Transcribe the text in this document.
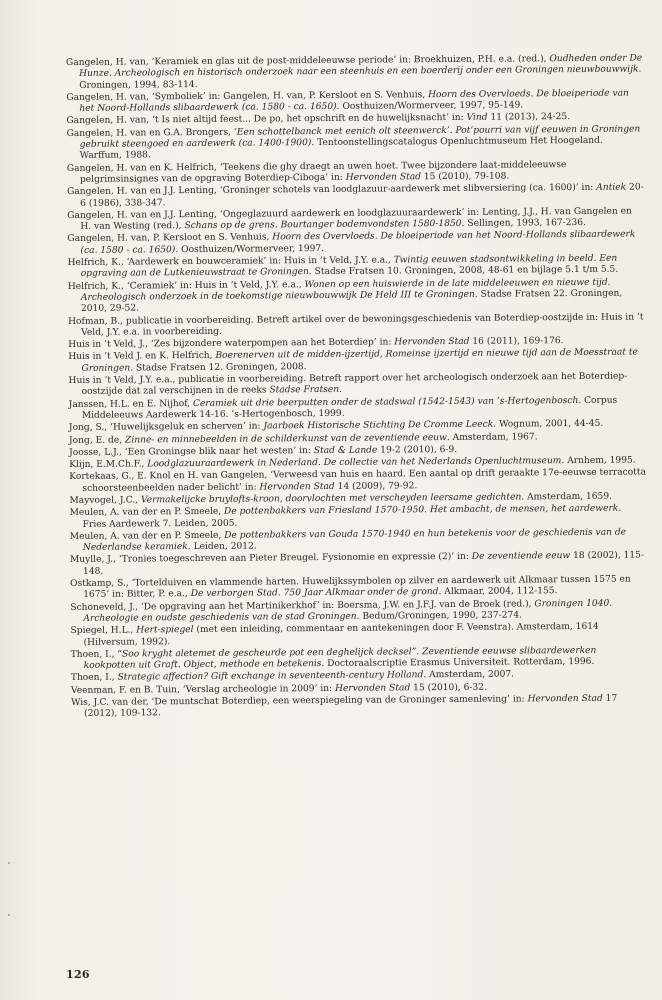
Gangelen, H. van, ‘Keramiek en glas uit de post-middeleeuwse periode’ in: Broekhuizen, P.H. e.a. (red.), Oudheden onder De Hunze. Archeologisch en historisch onderzoek naar een steenhuis en een boerderij onder een Groningen nieuwbouwwijk. Groningen, 1994, 83-114.

Gangelen, H. van, ‘Symboliek’ in: Gangelen, H. van, P. Kersloot en S. Venhuis, Hoorn des Overvloeds. De bloeiperiode van het Noord-Hollands slibaardewerk (ca. 1580 - ca. 1650). Oosthuizen/Wormerveer, 1997, 95-149.

Gangelen, H. van, ‘t Is niet altijd feest... De po, het opschrift en de huwelijksnacht’ in: Vind 11 (2013), 24-25.

Gangelen, H. van en G.A. Brongers, ‘Een schottelbanck met eenich olt steenwerck’. Pot’pourri van vijf eeuwen in Groningen gebruikt steengoed en aardewerk (ca. 1400-1900). Tentoonstellingscatalogus Openluchtmuseum Het Hoogeland. Warffum, 1988.

Gangelen, H. van en K. Helfrich, ‘Teekens die ghy draegt an uwen hoet. Twee bijzondere laat-middeleeuwse pelgrimsinsignes van de opgraving Boterdiep-Ciboga’ in: Hervonden Stad 15 (2010), 79-108.

Gangelen, H. van en J.J. Lenting, ‘Groninger schotels van loodglazuur-aardewerk met slibversiering (ca. 1600)’ in: Antiek 20-6 (1986), 338-347.

Gangelen, H. van en J.J. Lenting, ‘Ongeglazuurd aardewerk en loodglazuuraardewerk’ in: Lenting, J.J., H. van Gangelen en H. van Westing (red.), Schans op de grens. Bourtanger bodemvondsten 1580-1850. Sellingen, 1993, 167-236.

Gangelen, H. van, P. Kersloot en S. Venhuis, Hoorn des Overvloeds. De bloeiperiode van het Noord-Hollands slibaardewerk (ca. 1580 - ca. 1650). Oosthuizen/Wormerveer, 1997.

Helfrich, K., ‘Aardewerk en bouwceramiek’ in: Huis in ’t Veld, J.Y. e.a., Twintig eeuwen stadsontwikkeling in beeld. Een opgraving aan de Lutkenieuwstraat te Groningen. Stadse Fratsen 10. Groningen, 2008, 48-61 en bijlage 5.1 t/m 5.5.

Helfrich, K., ‘Ceramiek’ in: Huis in ’t Veld, J.Y. e.a., Wonen op een huiswierde in de late middeleeuwen en nieuwe tijd. Archeologisch onderzoek in de toekomstige nieuwbouwwijk De Held III te Groningen. Stadse Fratsen 22. Groningen, 2010, 29-52.

Hofman, B., publicatie in voorbereiding. Betreft artikel over de bewoningsgeschiedenis van Boterdiep-oostzijde in: Huis in ’t Veld, J.Y. e.a. in voorbereiding.

Huis in ’t Veld, J., ‘Zes bijzondere waterpompen aan het Boterdiep’ in: Hervonden Stad 16 (2011), 169-176.

Huis in ’t Veld J. en K. Helfrich, Boerenerven uit de midden-ijzertijd, Romeinse ijzertijd en nieuwe tijd aan de Moesstraat te Groningen. Stadse Fratsen 12. Groningen, 2008.

Huis in ’t Veld, J.Y. e.a., publicatie in voorbereiding. Betreft rapport over het archeologisch onderzoek aan het Boterdiep-oostzijde dat zal verschijnen in de reeks Stadse Fratsen.

Janssen, H.L. en E. Nijhof, Ceramiek uit drie beerputten onder de stadswal (1542-1543) van ’s-Hertogenbosch. Corpus Middeleeuws Aardewerk 14-16. ’s-Hertogenbosch, 1999.

Jong, S., ‘Huwelijksgeluk en scherven’ in: Jaarboek Historische Stichting De Cromme Leeck. Wognum, 2001, 44-45.

Jong, E. de, Zinne- en minnebeelden in de schilderkunst van de zeventiende eeuw. Amsterdam, 1967.

Joosse, L.J., ‘Een Groningse blik naar het westen’ in: Stad & Lande 19-2 (2010), 6-9.

Klijn, E.M.Ch.F., Loodglazuuraardewerk in Nederland. De collectie van het Nederlands Openluchtmuseum. Arnhem, 1995.

Kortekaas, G., E. Knol en H. van Gangelen, ‘Verweesd van huis en haard. Een aantal op drift geraakte 17e-eeuwse terracotta schoorsteenbeelden nader belicht’ in: Hervonden Stad 14 (2009), 79-92.

Mayvogel, J.C., Vermakelijcke bruylofts-kroon, doorvlochten met verscheyden leersame gedichten. Amsterdam, 1659.

Meulen, A. van der en P. Smeele, De pottenbakkers van Friesland 1570-1950. Het ambacht, de mensen, het aardewerk. Fries Aardewerk 7. Leiden, 2005.

Meulen, A. van der en P. Smeele, De pottenbakkers van Gouda 1570-1940 en hun betekenis voor de geschiedenis van de Nederlandse keramiek. Leiden, 2012.

Muylle, J., ‘Tronies toegeschreven aan Pieter Breugel. Fysionomie en expressie (2)’ in: De zeventiende eeuw 18 (2002), 115-148.

Ostkamp, S., ‘Tortelduiven en vlammende harten. Huwelijkssymbolen op zilver en aardewerk uit Alkmaar tussen 1575 en 1675’ in: Bitter, P. e.a., De verborgen Stad. 750 Jaar Alkmaar onder de grond. Alkmaar, 2004, 112-155.

Schoneveld, J., ‘De opgraving aan het Martinikerkhof’ in: Boersma, J.W. en J.F.J. van de Broek (red.), Groningen 1040. Archeologie en oudste geschiedenis van de stad Groningen. Bedum/Groningen, 1990, 237-274.

Spiegel, H.L., Hert-spiegel (met een inleiding, commentaar en aantekeningen door F. Veenstra). Amsterdam, 1614 (Hilversum, 1992).

Thoen, I., “Soo kryght aletemet de gescheurde pot een deghelijck decksel”. Zeventiende eeuwse slibaardewerken kookpotten uit Graft. Object, methode en betekenis. Doctoraalscriptie Erasmus Universiteit. Rotterdam, 1996.

Thoen, I., Strategic affection? Gift exchange in seventeenth-century Holland. Amsterdam, 2007.

Veenman, F. en B. Tuin, ‘Verslag archeologie in 2009’ in: Hervonden Stad 15 (2010), 6-32.

Wis, J.C. van der, ‘De muntschat Boterdiep, een weerspiegeling van de Groninger samenleving’ in: Hervonden Stad 17 (2012), 109-132.

126
